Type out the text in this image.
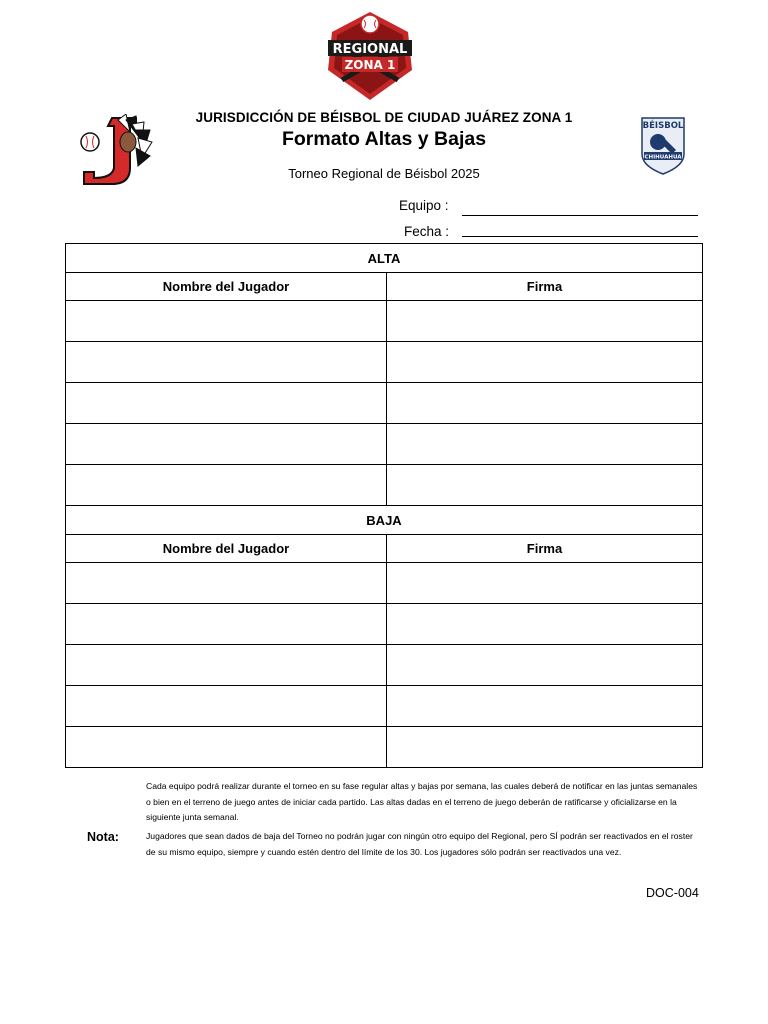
REGIONAL
ZONA 1
BÉISBOL
CHIHUAHUA
JURISDICCIÓN DE BÉISBOL DE CIUDAD JUÁREZ ZONA 1
Formato Altas y Bajas
Torneo Regional de Béisbol 2025
Equipo :
Fecha :
ALTA	
Nombre del Jugador	Firma

BAJA	
Nombre del Jugador	Firma

Cada equipo podrá realizar durante el torneo en su fase regular altas y bajas por semana, las cuales deberá de notificar en las juntas semanales o bien en el terreno de juego antes de iniciar cada partido. Las altas dadas en el terreno de juego deberán de ratificarse y oficializarse en la siguiente junta semanal.
Nota:	Jugadores que sean dados de baja del Torneo no podrán jugar con ningún otro equipo del Regional, pero SÍ podrán ser reactivados en el roster de su mismo equipo, siempre y cuando estén dentro del límite de los 30. Los jugadores sólo podrán ser reactivados una vez.
DOC-004
